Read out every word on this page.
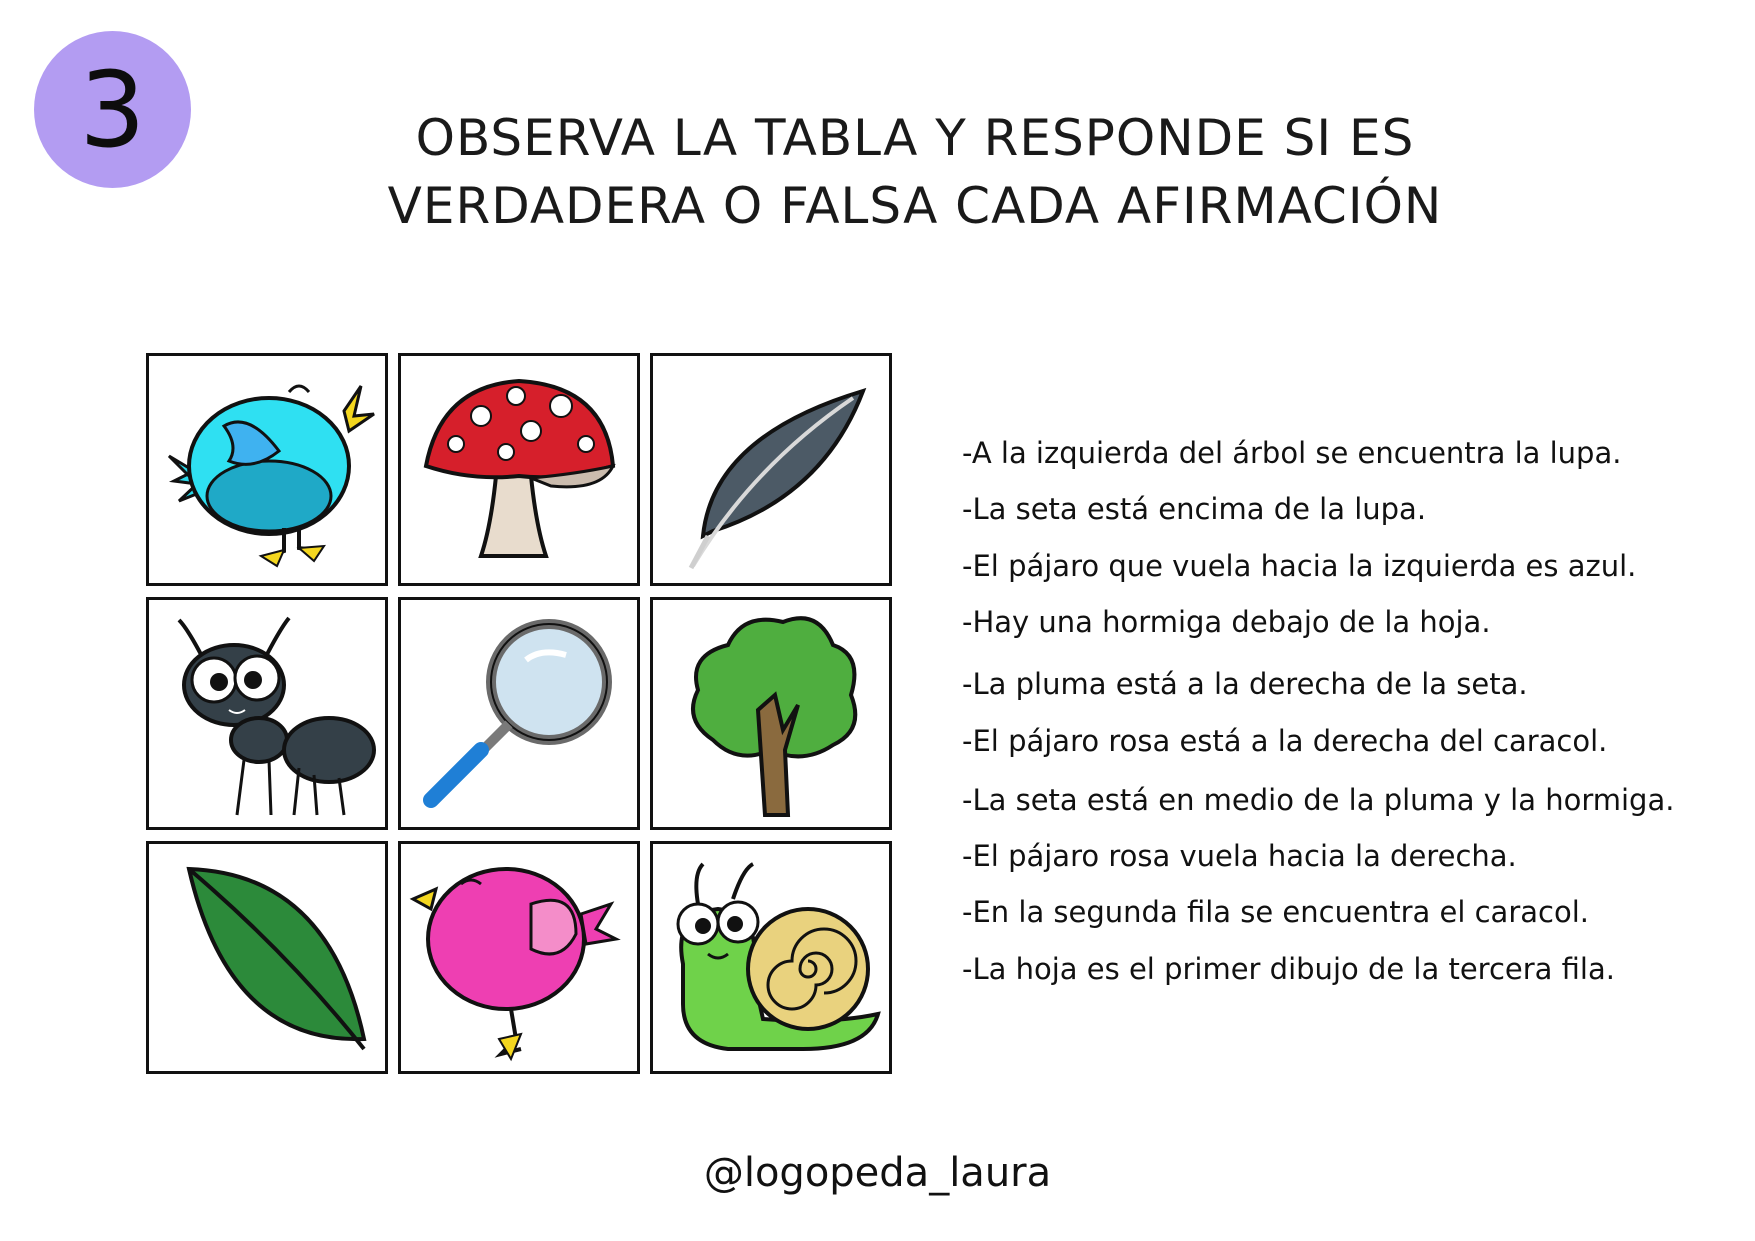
3	OBSERVA LA TABLA Y RESPONDE SI ES
VERDADERA O FALSA CADA AFIRMACIÓN
-A la izquierda del árbol se encuentra la lupa.
-La seta está encima de la lupa.
-El pájaro que vuela hacia la izquierda es azul.
-Hay una hormiga debajo de la hoja.
-La pluma está a la derecha de la seta.
-El pájaro rosa está a la derecha del caracol.
-La seta está en medio de la pluma y la hormiga.
-El pájaro rosa vuela hacia la derecha.
-En la segunda fila se encuentra el caracol.
-La hoja es el primer dibujo de la tercera fila.
@logopeda_laura
